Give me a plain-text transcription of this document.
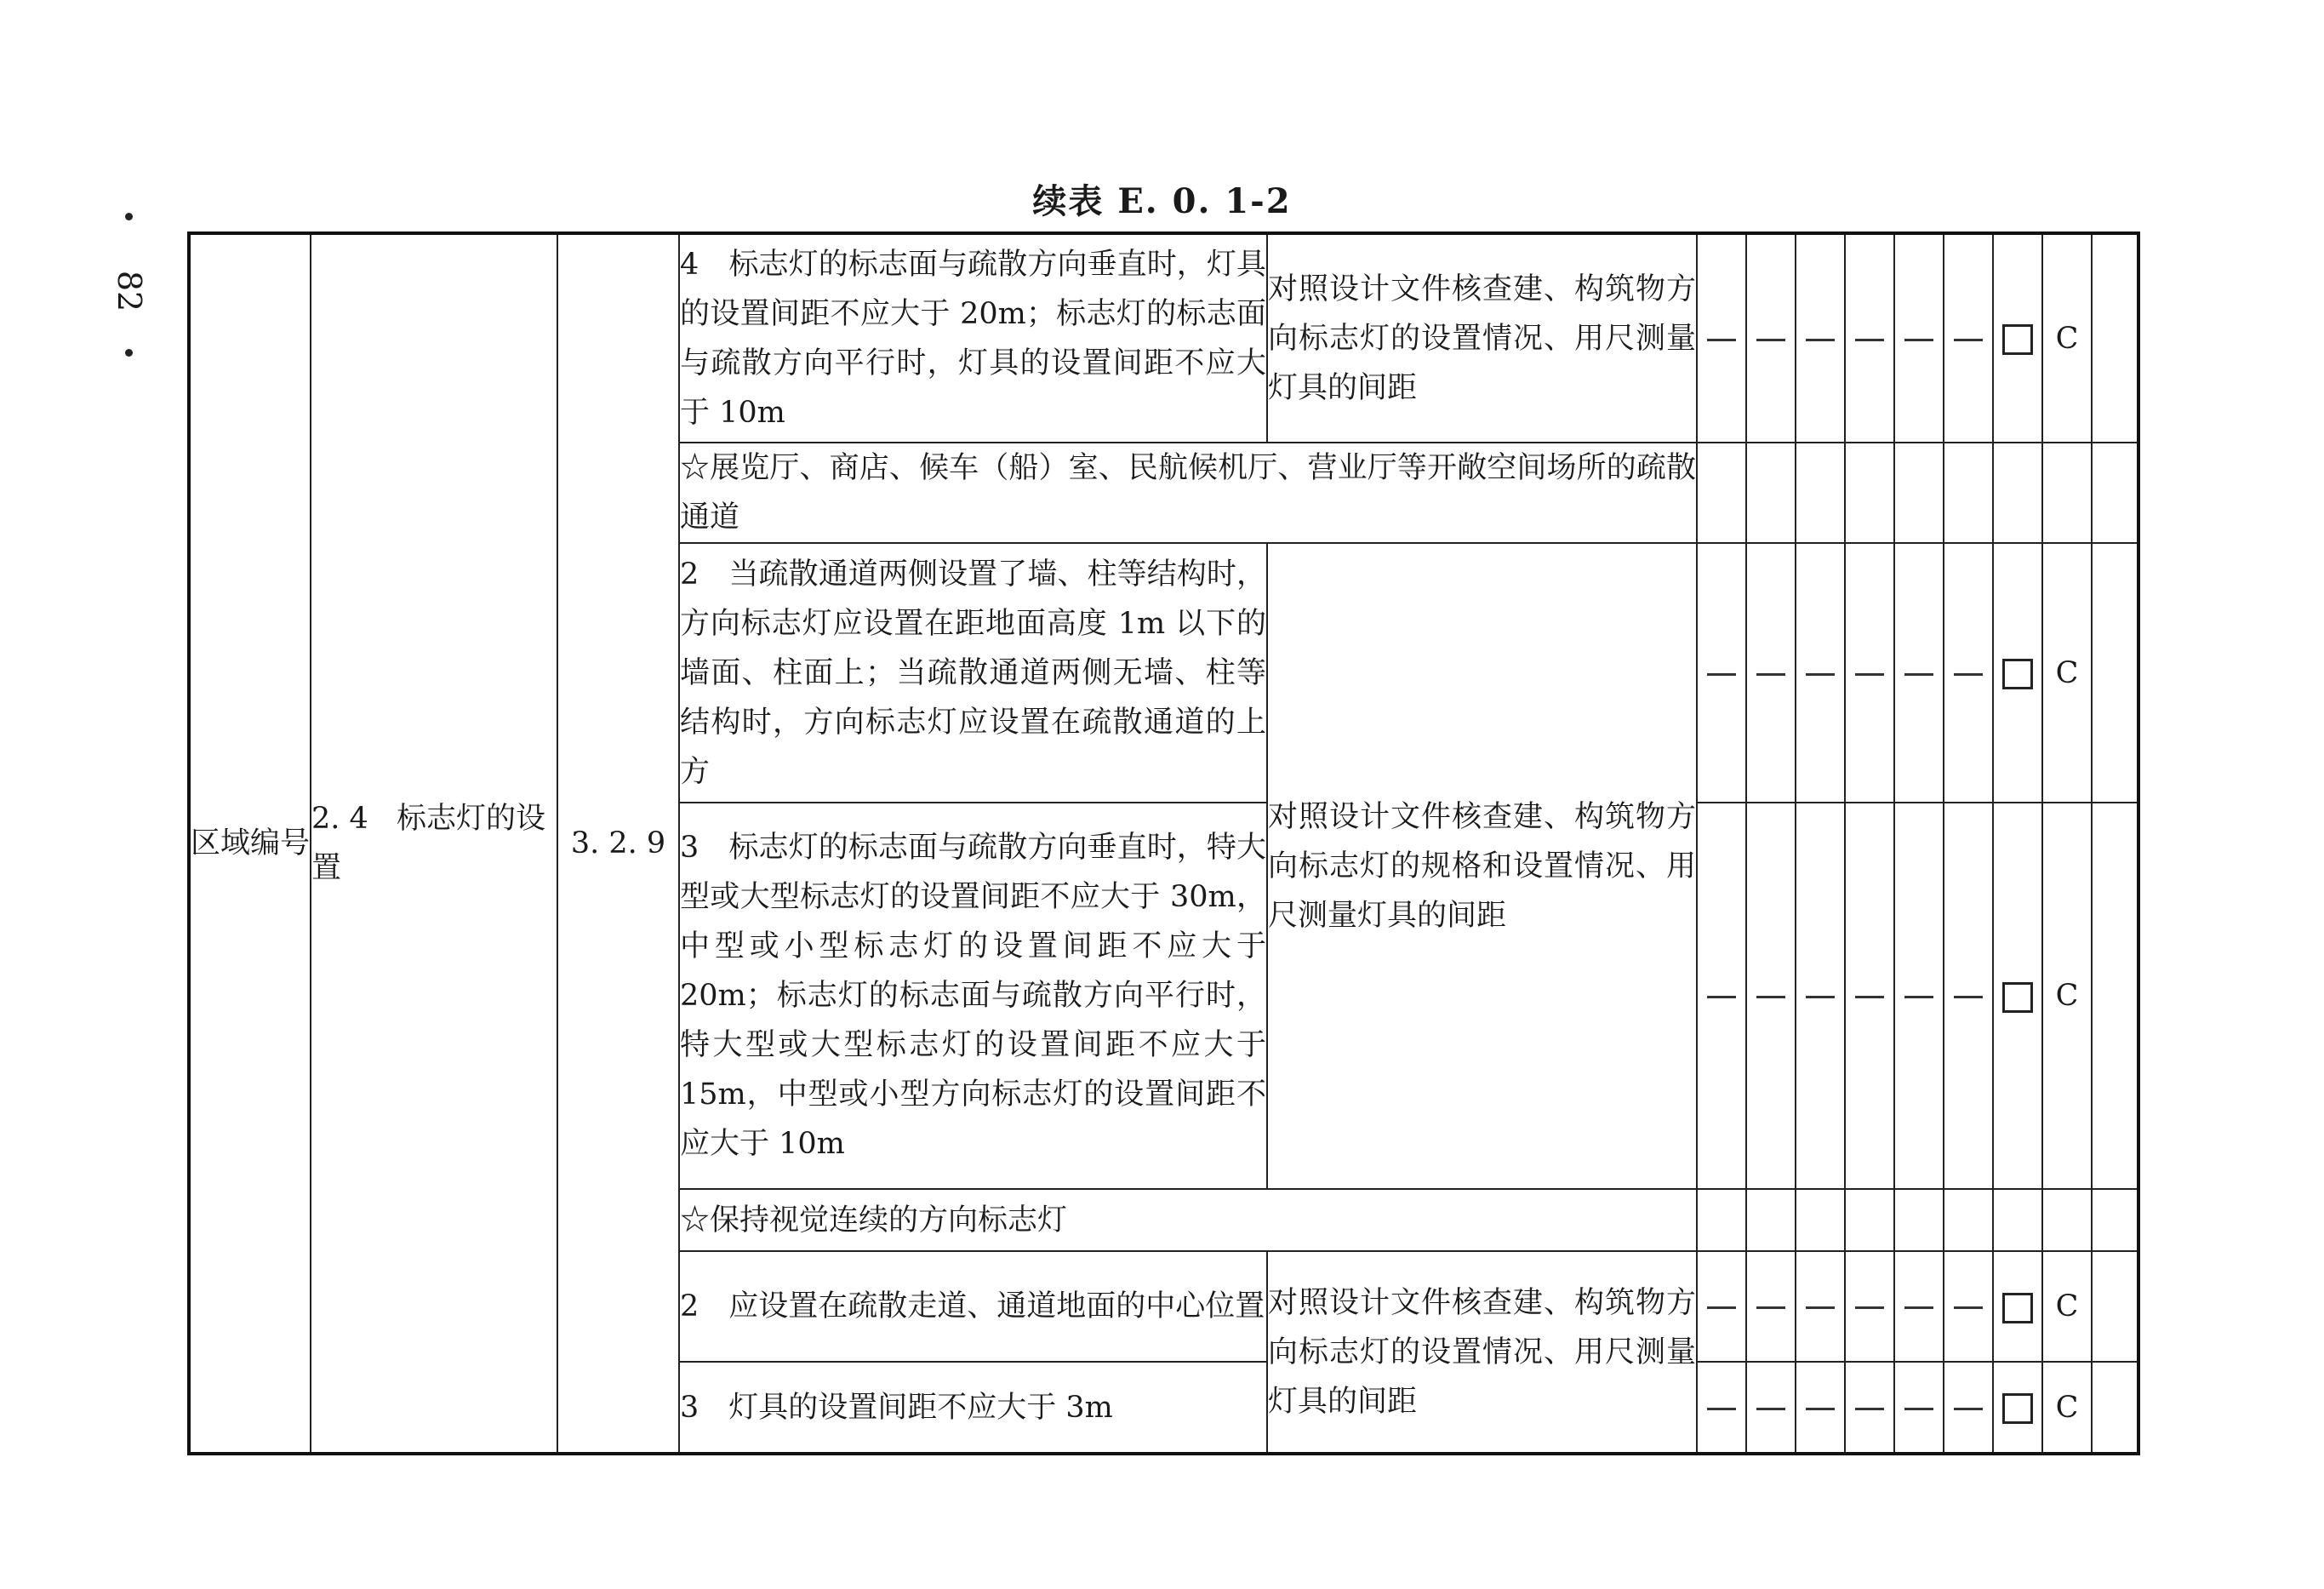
82
续表 E. 0. 1-2
区域编号	2. 4 标志灯的设置	3. 2. 9	4　标志灯的标志面与疏散方向垂直时，灯具的设置间距不应大于 20m；标志灯的标志面与疏散方向平行时，灯具的设置间距不应大于 10m	对照设计文件核查建、构筑物方向标志灯的设置情况、用尺测量灯具的间距								C	
			☆展览厅、商店、候车（船）室、民航候机厅、营业厅等开敞空间场所的疏散通道										
			2　当疏散通道两侧设置了墙、柱等结构时，方向标志灯应设置在距地面高度 1m 以下的墙面、柱面上；当疏散通道两侧无墙、柱等结构时，方向标志灯应设置在疏散通道的上方	对照设计文件核查建、构筑物方向标志灯的规格和设置情况、用尺测量灯具的间距								C	
			3　标志灯的标志面与疏散方向垂直时，特大型或大型标志灯的设置间距不应大于 30m，中型或小型标志灯的设置间距不应大于 20m；标志灯的标志面与疏散方向平行时，特大型或大型标志灯的设置间距不应大于 15m，中型或小型方向标志灯的设置间距不应大于 10m									C	
			☆保持视觉连续的方向标志灯										
			2　应设置在疏散走道、通道地面的中心位置	对照设计文件核查建、构筑物方向标志灯的设置情况、用尺测量灯具的间距								C	
			3　灯具的设置间距不应大于 3m									C	
